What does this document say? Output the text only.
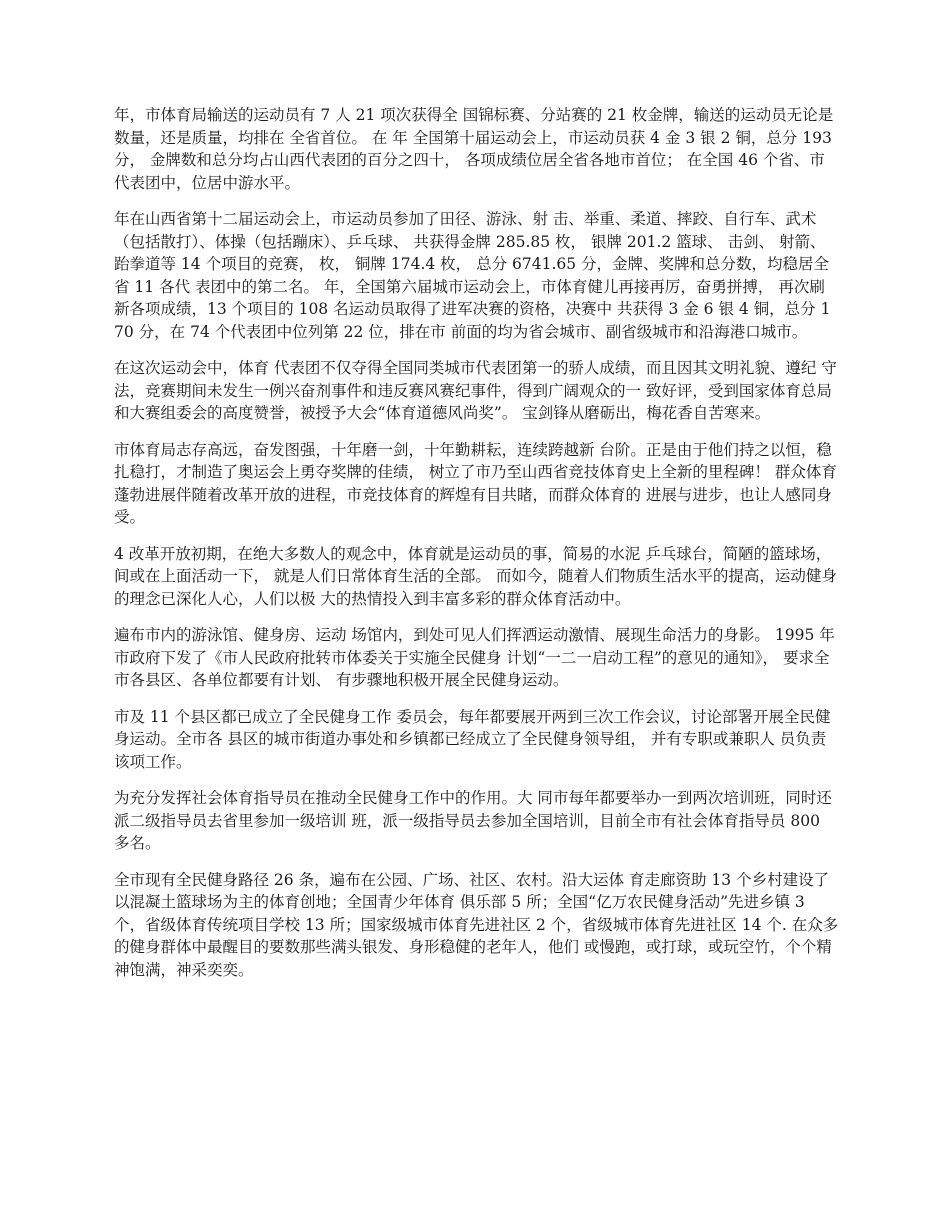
年，市体育局输送的运动员有 7 人 21 项次获得全 国锦标赛、分站赛的 21 枚金牌，输送的运动员无论是数量，还是质量，均排在 全省首位。 在 年 全国第十届运动会上，市运动员获 4 金 3 银 2 铜，总分 193 分， 金牌数和总分均占山西代表团的百分之四十， 各项成绩位居全省各地市首位； 在全国 46 个省、市代表团中，位居中游水平。

年在山西省第十二届运动会上，市运动员参加了田径、游泳、射 击、举重、柔道、摔跤、自行车、武术（包括散打）、体操（包括蹦床）、乒乓球、 共获得金牌 285.85 枚， 银牌 201.2 篮球、 击剑、 射箭、 跆拳道等 14 个项目的竞赛， 枚， 铜牌 174.4 枚， 总分 6741.65 分，金牌、奖牌和总分数，均稳居全省 11 各代 表团中的第二名。 年，全国第六届城市运动会上，市体育健儿再接再厉，奋勇拼搏， 再次刷新各项成绩，13 个项目的 108 名运动员取得了进军决赛的资格，决赛中 共获得 3 金 6 银 4 铜，总分 170 分，在 74 个代表团中位列第 22 位，排在市 前面的均为省会城市、副省级城市和沿海港口城市。

在这次运动会中，体育 代表团不仅夺得全国同类城市代表团第一的骄人成绩，而且因其文明礼貌、遵纪 守法，竞赛期间未发生一例兴奋剂事件和违反赛风赛纪事件，得到广阔观众的一 致好评，受到国家体育总局和大赛组委会的高度赞誉，被授予大会“体育道德风尚奖”。 宝剑锋从磨砺出，梅花香自苦寒来。

市体育局志存高远，奋发图强，十年磨一剑，十年勤耕耘，连续跨越新 台阶。正是由于他们持之以恒，稳扎稳打，才制造了奥运会上勇夺奖牌的佳绩， 树立了市乃至山西省竞技体育史上全新的里程碑！ 群众体育蓬勃进展伴随着改革开放的进程，市竞技体育的辉煌有目共睹，而群众体育的 进展与进步，也让人感同身受。

4 改革开放初期，在绝大多数人的观念中，体育就是运动员的事，简易的水泥 乒乓球台，简陋的篮球场， 间或在上面活动一下， 就是人们日常体育生活的全部。 而如今，随着人们物质生活水平的提高，运动健身的理念已深化人心，人们以极 大的热情投入到丰富多彩的群众体育活动中。

遍布市内的游泳馆、健身房、运动 场馆内，到处可见人们挥洒运动激情、展现生命活力的身影。 1995 年市政府下发了《市人民政府批转市体委关于实施全民健身 计划“一二一启动工程”的意见的通知》， 要求全市各县区、各单位都要有计划、 有步骤地积极开展全民健身运动。

市及 11 个县区都已成立了全民健身工作 委员会，每年都要展开两到三次工作会议，讨论部署开展全民健身运动。全市各 县区的城市街道办事处和乡镇都已经成立了全民健身领导组， 并有专职或兼职人 员负责该项工作。

为充分发挥社会体育指导员在推动全民健身工作中的作用。大 同市每年都要举办一到两次培训班，同时还派二级指导员去省里参加一级培训 班，派一级指导员去参加全国培训，目前全市有社会体育指导员 800 多名。

全市现有全民健身路径 26 条，遍布在公园、广场、社区、农村。沿大运体 育走廊资助 13 个乡村建设了以混凝土篮球场为主的体育创地；全国青少年体育 俱乐部 5 所；全国“亿万农民健身活动”先进乡镇 3 个，省级体育传统项目学校 13 所；国家级城市体育先进社区 2 个，省级城市体育先进社区 14 个. 在众多的健身群体中最醒目的要数那些满头银发、身形稳健的老年人，他们 或慢跑，或打球，或玩空竹，个个精神饱满，神采奕奕。
